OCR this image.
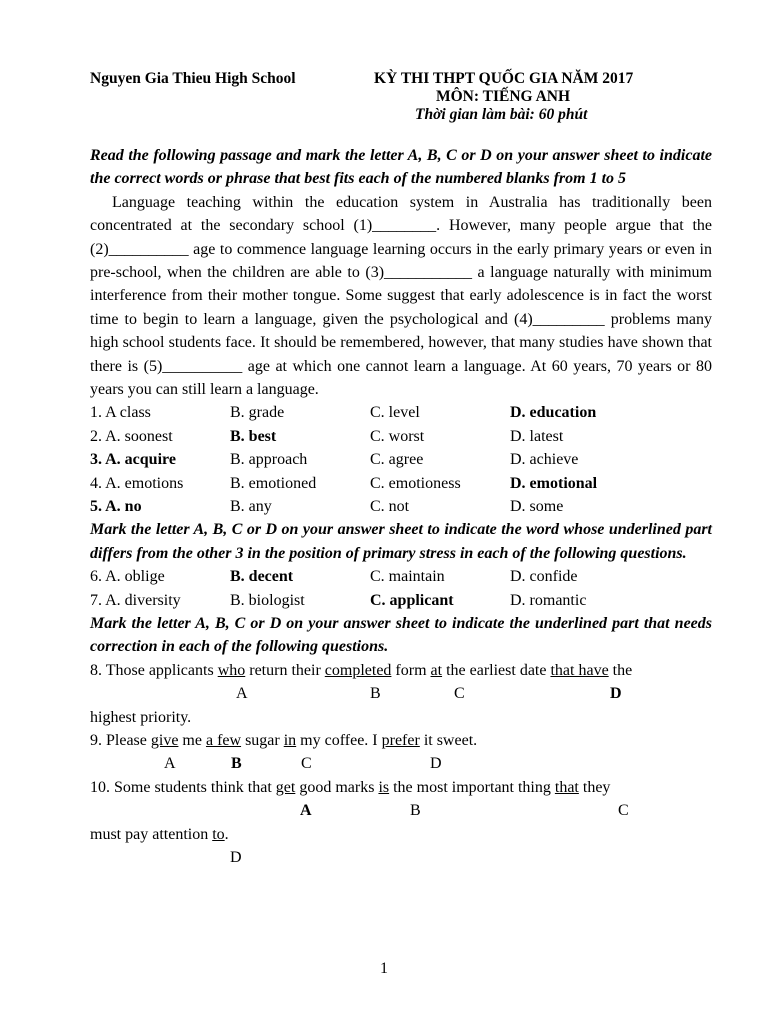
Nguyen Gia Thieu High School	KỲ THI THPT QUỐC GIA NĂM 2017
MÔN: TIẾNG ANH
Thời gian làm bài: 60 phút

Read the following passage and mark the letter A, B, C or D on your answer sheet to indicate the correct words or phrase that best fits each of the numbered blanks from 1 to 5

Language teaching within the education system in Australia has traditionally been concentrated at the secondary school (1)________. However, many people argue that the (2)__________ age to commence language learning occurs in the early primary years or even in pre-school, when the children are able to (3)___________ a language naturally with minimum interference from their mother tongue. Some suggest that early adolescence is in fact the worst time to begin to learn a language, given the psychological and (4)_________ problems many high school students face. It should be remembered, however, that many studies have shown that there is (5)__________ age at which one cannot learn a language. At 60 years, 70 years or 80 years you can still learn a language.

1. A class	B. grade	C. level	D. education
2. A. soonest	B. best	C. worst	D. latest
3. A. acquire	B. approach	C. agree	D. achieve
4. A. emotions	B. emotioned	C. emotioness	D. emotional
5. A. no	B. any	C. not	D. some

Mark the letter A, B, C or D on your answer sheet to indicate the word whose underlined part differs from the other 3 in the position of primary stress in each of the following questions.

6. A. oblige	B. decent	C. maintain	D. confide
7. A. diversity	B. biologist	C. applicant	D. romantic

Mark the letter A, B, C or D on your answer sheet to indicate the underlined part that needs correction in each of the following questions.

8. Those applicants who return their completed form at the earliest date that have the

A	B	C	D

highest priority.

9. Please give me a few sugar in my coffee. I prefer it sweet.

A	B	C	D

10. Some students think that get good marks is the most important thing that they

A	B	C

must pay attention to.

D
1
